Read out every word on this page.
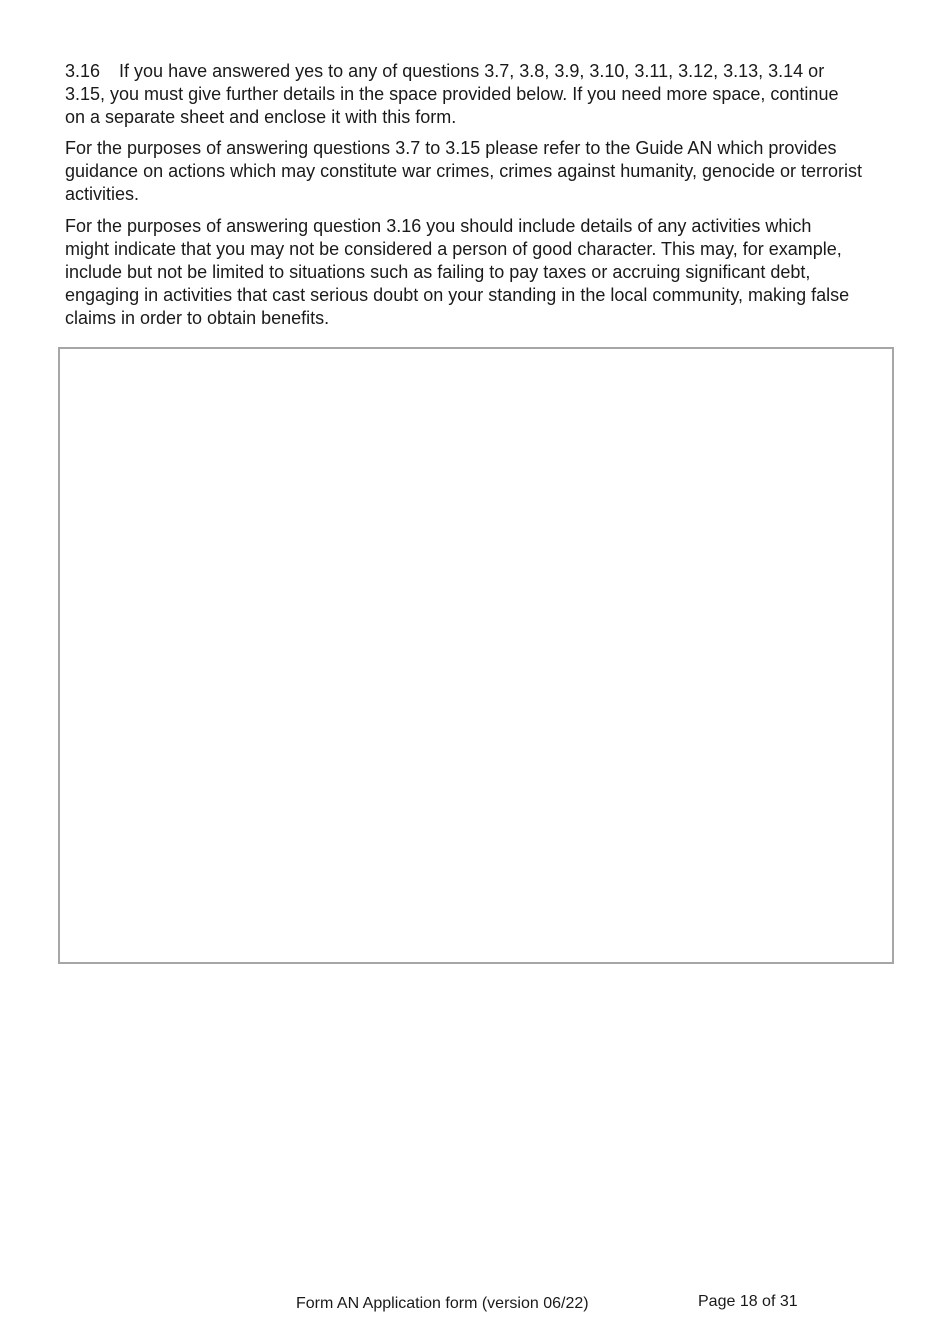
3.16 If you have answered yes to any of questions 3.7, 3.8, 3.9, 3.10, 3.11, 3.12, 3.13, 3.14 or 3.15, you must give further details in the space provided below. If you need more space, continue on a separate sheet and enclose it with this form.

For the purposes of answering questions 3.7 to 3.15 please refer to the Guide AN which provides guidance on actions which may constitute war crimes, crimes against humanity, genocide or terrorist activities.

For the purposes of answering question 3.16 you should include details of any activities which might indicate that you may not be considered a person of good character. This may, for example, include but not be limited to situations such as failing to pay taxes or accruing significant debt, engaging in activities that cast serious doubt on your standing in the local community, making false claims in order to obtain benefits.

Form AN Application form (version 06/22)	Page 18 of 31
